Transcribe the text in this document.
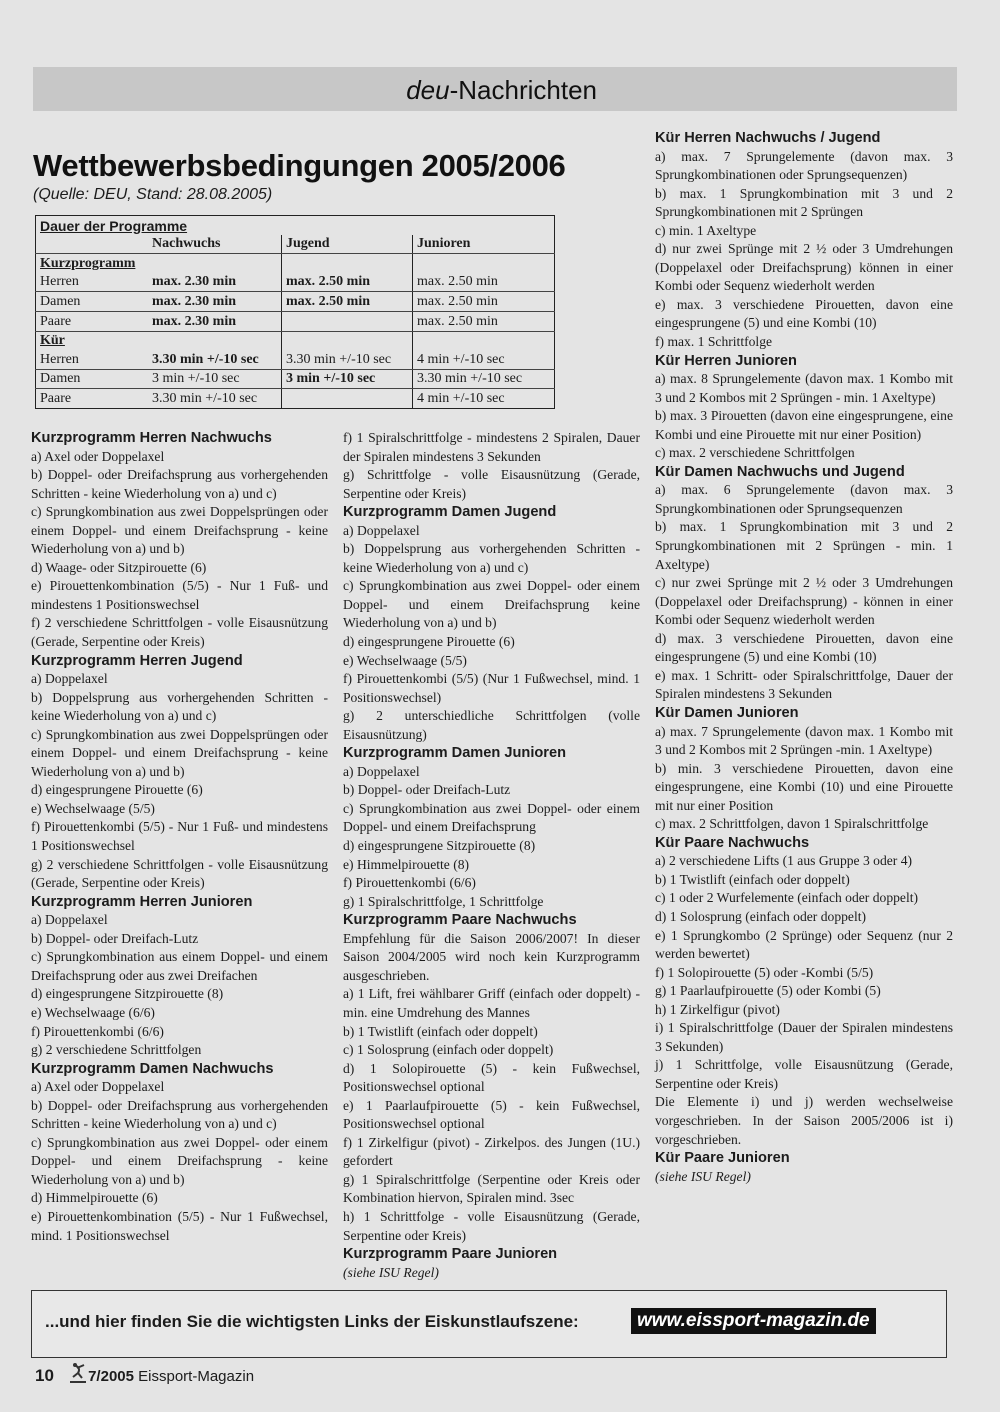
deu-Nachrichten
Wettbewerbsbedingungen 2005/2006
(Quelle: DEU, Stand: 28.08.2005)
Dauer der Programme			
	Nachwuchs	Jugend	Junioren
Kurzprogramm			
Herren	max. 2.30 min	max. 2.50 min	max. 2.50 min
Damen	max. 2.30 min	max. 2.50 min	max. 2.50 min
Paare	max. 2.30 min		max. 2.50 min
Kür			
Herren	3.30 min +/-10 sec	3.30 min +/-10 sec	4 min +/-10 sec
Damen	3 min +/-10 sec	3 min +/-10 sec	3.30 min +/-10 sec
Paare	3.30 min +/-10 sec		4 min +/-10 sec
Kurzprogramm Herren Nachwuchs

a) Axel oder Doppelaxel

b) Doppel- oder Dreifachsprung aus vorhergehenden Schritten - keine Wiederholung von a) und c)

c) Sprungkombination aus zwei Doppelsprüngen oder einem Doppel- und einem Dreifachsprung - keine Wiederholung von a) und b)

d) Waage- oder Sitzpirouette (6)

e) Pirouettenkombination (5/5) - Nur 1 Fuß- und mindestens 1 Positionswechsel

f) 2 verschiedene Schrittfolgen - volle Eisausnützung (Gerade, Serpentine oder Kreis)

Kurzprogramm Herren Jugend

a) Doppelaxel

b) Doppelsprung aus vorhergehenden Schritten - keine Wiederholung von a) und c)

c) Sprungkombination aus zwei Doppelsprüngen oder einem Doppel- und einem Dreifachsprung - keine Wiederholung von a) und b)

d) eingesprungene Pirouette (6)

e) Wechselwaage (5/5)

f) Pirouettenkombi (5/5) - Nur 1 Fuß- und mindestens 1 Positionswechsel

g) 2 verschiedene Schrittfolgen - volle Eisausnützung (Gerade, Serpentine oder Kreis)

Kurzprogramm Herren Junioren

a) Doppelaxel

b) Doppel- oder Dreifach-Lutz

c) Sprungkombination aus einem Doppel- und einem Dreifachsprung oder aus zwei Dreifachen

d) eingesprungene Sitzpirouette (8)

e) Wechselwaage (6/6)

f) Pirouettenkombi (6/6)

g) 2 verschiedene Schrittfolgen

Kurzprogramm Damen Nachwuchs

a) Axel oder Doppelaxel

b) Doppel- oder Dreifachsprung aus vorhergehenden Schritten - keine Wiederholung von a) und c)

c) Sprungkombination aus zwei Doppel- oder einem Doppel- und einem Dreifachsprung - keine Wiederholung von a) und b)

d) Himmelpirouette (6)

e) Pirouettenkombination (5/5) - Nur 1 Fußwechsel, mind. 1 Positionswechsel

f) 1 Spiralschrittfolge - mindestens 2 Spiralen, Dauer der Spiralen mindestens 3 Sekunden

g) Schrittfolge - volle Eisausnützung (Gerade, Serpentine oder Kreis)

Kurzprogramm Damen Jugend

a) Doppelaxel

b) Doppelsprung aus vorhergehenden Schritten - keine Wiederholung von a) und c)

c) Sprungkombination aus zwei Doppel- oder einem Doppel- und einem Dreifachsprung keine Wiederholung von a) und b)

d) eingesprungene Pirouette (6)

e) Wechselwaage (5/5)

f) Pirouettenkombi (5/5) (Nur 1 Fußwechsel, mind. 1 Positionswechsel)

g) 2 unterschiedliche Schrittfolgen (volle Eisausnützung)

Kurzprogramm Damen Junioren

a) Doppelaxel

b) Doppel- oder Dreifach-Lutz

c) Sprungkombination aus zwei Doppel- oder einem Doppel- und einem Dreifachsprung

d) eingesprungene Sitzpirouette (8)

e) Himmelpirouette (8)

f) Pirouettenkombi (6/6)

g) 1 Spiralschrittfolge, 1 Schrittfolge

Kurzprogramm Paare Nachwuchs

Empfehlung für die Saison 2006/2007! In dieser Saison 2004/2005 wird noch kein Kurzprogramm ausgeschrieben.

a) 1 Lift, frei wählbarer Griff (einfach oder doppelt) - min. eine Umdrehung des Mannes

b) 1 Twistlift (einfach oder doppelt)

c) 1 Solosprung (einfach oder doppelt)

d) 1 Solopirouette (5) - kein Fußwechsel, Positionswechsel optional

e) 1 Paarlaufpirouette (5) - kein Fußwechsel, Positionswechsel optional

f) 1 Zirkelfigur (pivot) - Zirkelpos. des Jungen (1U.) gefordert

g) 1 Spiralschrittfolge (Serpentine oder Kreis oder Kombination hiervon, Spiralen mind. 3sec

h) 1 Schrittfolge - volle Eisausnützung (Gerade, Serpentine oder Kreis)

Kurzprogramm Paare Junioren

(siehe ISU Regel)

Kür Herren Nachwuchs / Jugend

a) max. 7 Sprungelemente (davon max. 3 Sprungkombinationen oder Sprungsequenzen)

b) max. 1 Sprungkombination mit 3 und 2 Sprungkombinationen mit 2 Sprüngen

c) min. 1 Axeltype

d) nur zwei Sprünge mit 2 ½ oder 3 Umdrehungen (Doppelaxel oder Dreifachsprung) können in einer Kombi oder Sequenz wiederholt werden

e) max. 3 verschiedene Pirouetten, davon eine eingesprungene (5) und eine Kombi (10)

f) max. 1 Schrittfolge

Kür Herren Junioren

a) max. 8 Sprungelemente (davon max. 1 Kombo mit 3 und 2 Kombos mit 2 Sprüngen - min. 1 Axeltype)

b) max. 3 Pirouetten (davon eine eingesprungene, eine Kombi und eine Pirouette mit nur einer Position)

c) max. 2 verschiedene Schrittfolgen

Kür Damen Nachwuchs und Jugend

a) max. 6 Sprungelemente (davon max. 3 Sprungkombinationen oder Sprungsequenzen

b) max. 1 Sprungkombination mit 3 und 2 Sprungkombinationen mit 2 Sprüngen - min. 1 Axeltype)

c) nur zwei Sprünge mit 2 ½ oder 3 Umdrehungen (Doppelaxel oder Dreifachsprung) - können in einer Kombi oder Sequenz wiederholt werden

d) max. 3 verschiedene Pirouetten, davon eine eingesprungene (5) und eine Kombi (10)

e) max. 1 Schritt- oder Spiralschrittfolge, Dauer der Spiralen mindestens 3 Sekunden

Kür Damen Junioren

a) max. 7 Sprungelemente (davon max. 1 Kombo mit 3 und 2 Kombos mit 2 Sprüngen -min. 1 Axeltype)

b) min. 3 verschiedene Pirouetten, davon eine eingesprungene, eine Kombi (10) und eine Pirouette mit nur einer Position

c) max. 2 Schrittfolgen, davon 1 Spiralschrittfolge

Kür Paare Nachwuchs

a) 2 verschiedene Lifts (1 aus Gruppe 3 oder 4)

b) 1 Twistlift (einfach oder doppelt)

c) 1 oder 2 Wurfelemente (einfach oder doppelt)

d) 1 Solosprung (einfach oder doppelt)

e) 1 Sprungkombo (2 Sprünge) oder Sequenz (nur 2 werden bewertet)

f) 1 Solopirouette (5) oder -Kombi (5/5)

g) 1 Paarlaufpirouette (5) oder Kombi (5)

h) 1 Zirkelfigur (pivot)

i) 1 Spiralschrittfolge (Dauer der Spiralen mindestens 3 Sekunden)

j) 1 Schrittfolge, volle Eisausnützung (Gerade, Serpentine oder Kreis)

Die Elemente i) und j) werden wechselweise vorgeschrieben. In der Saison 2005/2006 ist i) vorgeschrieben.

Kür Paare Junioren

(siehe ISU Regel)

...und hier finden Sie die wichtigsten Links der Eiskunstlaufszene:	www.eissport-magazin.de
10 7/2005 Eissport-Magazin
